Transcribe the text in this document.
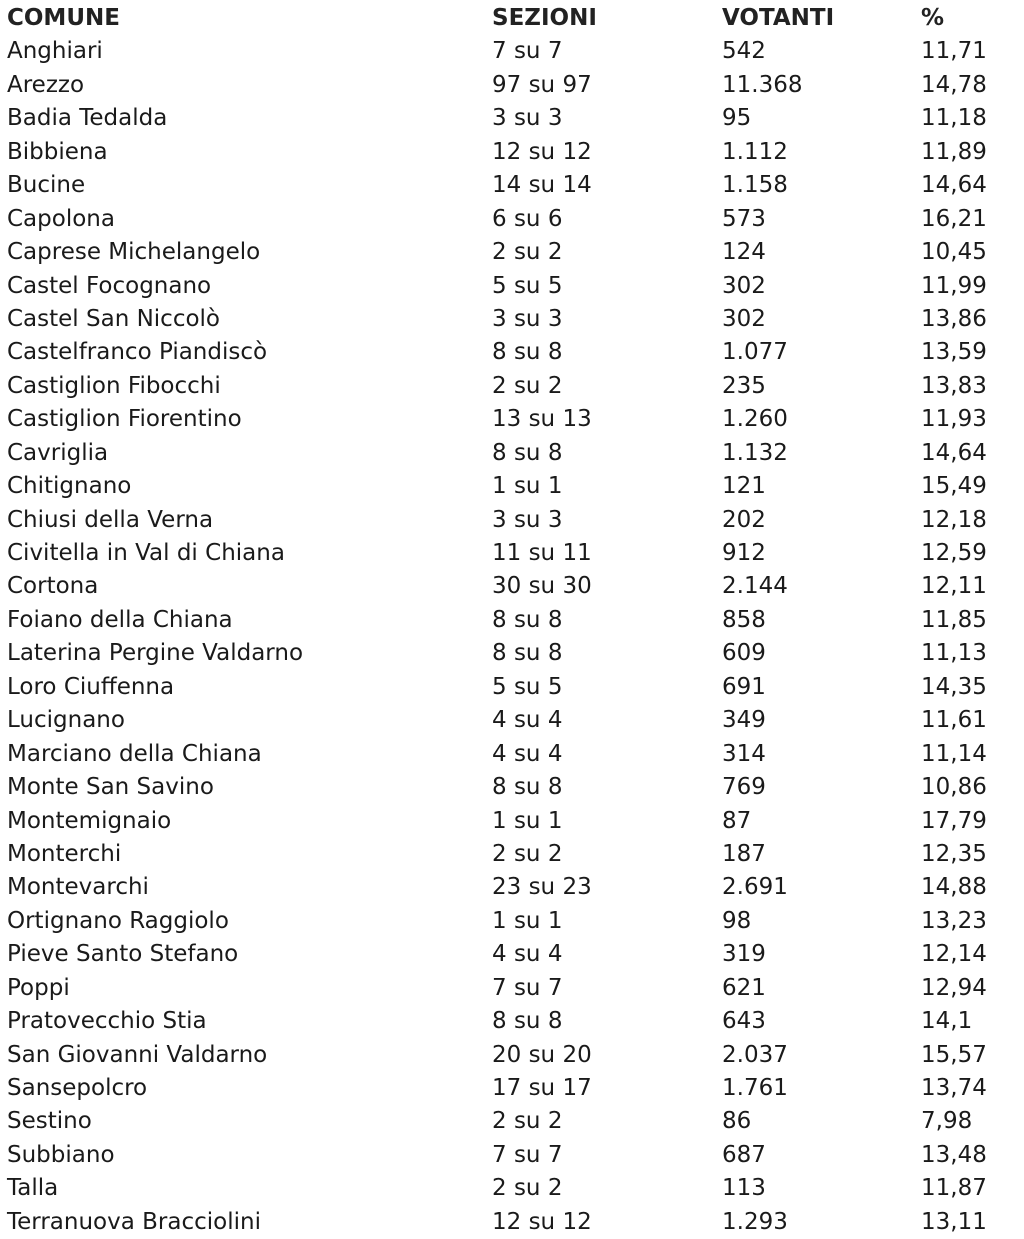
COMUNE	SEZIONI	VOTANTI	%
Anghiari	7 su 7	542	11,71
Arezzo	97 su 97	11.368	14,78
Badia Tedalda	3 su 3	95	11,18
Bibbiena	12 su 12	1.112	11,89
Bucine	14 su 14	1.158	14,64
Capolona	6 su 6	573	16,21
Caprese Michelangelo	2 su 2	124	10,45
Castel Focognano	5 su 5	302	11,99
Castel San Niccolò	3 su 3	302	13,86
Castelfranco Piandiscò	8 su 8	1.077	13,59
Castiglion Fibocchi	2 su 2	235	13,83
Castiglion Fiorentino	13 su 13	1.260	11,93
Cavriglia	8 su 8	1.132	14,64
Chitignano	1 su 1	121	15,49
Chiusi della Verna	3 su 3	202	12,18
Civitella in Val di Chiana	11 su 11	912	12,59
Cortona	30 su 30	2.144	12,11
Foiano della Chiana	8 su 8	858	11,85
Laterina Pergine Valdarno	8 su 8	609	11,13
Loro Ciuffenna	5 su 5	691	14,35
Lucignano	4 su 4	349	11,61
Marciano della Chiana	4 su 4	314	11,14
Monte San Savino	8 su 8	769	10,86
Montemignaio	1 su 1	87	17,79
Monterchi	2 su 2	187	12,35
Montevarchi	23 su 23	2.691	14,88
Ortignano Raggiolo	1 su 1	98	13,23
Pieve Santo Stefano	4 su 4	319	12,14
Poppi	7 su 7	621	12,94
Pratovecchio Stia	8 su 8	643	14,1
San Giovanni Valdarno	20 su 20	2.037	15,57
Sansepolcro	17 su 17	1.761	13,74
Sestino	2 su 2	86	7,98
Subbiano	7 su 7	687	13,48
Talla	2 su 2	113	11,87
Terranuova Bracciolini	12 su 12	1.293	13,11
